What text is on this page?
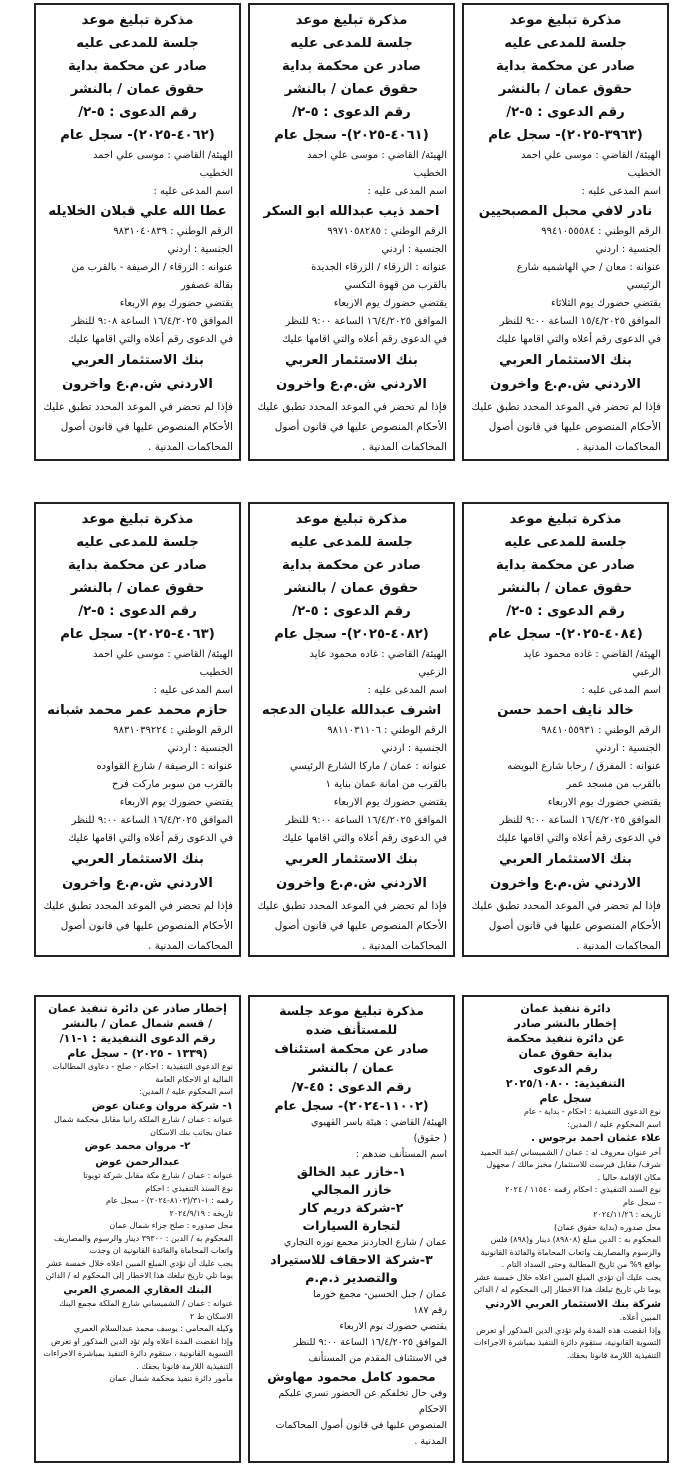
مذكرة تبليغ موعد

جلسة للمدعى عليه

صادر عن محكمة بداية

حقوق عمان / بالنشر

رقم الدعوى : ٥-٢/

(٣٩٦٣-٢٠٢٥)- سجل عام

الهيئة/ القاضي : موسى علي احمد

الخطيب

اسم المدعى عليه :

نادر لافي محبل المصبحيين

الرقم الوطني : ٩٩٤١٠٥٥٥٨٤

الجنسية : اردني

عنوانه : معان / حي الهاشميه شارع

الرئيسي

يقتضي حضورك يوم الثلاثاء

الموافق ١٥/٤/٢٠٢٥ الساعة ٩:٠٠ للنظر

في الدعوى رقم أعلاه والتي اقامها عليك

بنك الاستثمار العربي

الاردني ش.م.ع واخرون

فإذا لم تحضر في الموعد المحدد تطبق عليك

الأحكام المنصوص عليها في قانون أصول

المحاكمات المدنية .

مذكرة تبليغ موعد

جلسة للمدعى عليه

صادر عن محكمة بداية

حقوق عمان / بالنشر

رقم الدعوى : ٥-٢/

(٤٠٦١-٢٠٢٥)- سجل عام

الهيئة/ القاضي : موسى علي احمد

الخطيب

اسم المدعى عليه :

احمد ذيب عبدالله ابو السكر

الرقم الوطني : ٩٩٧١٠٥٨٢٨٥

الجنسية : اردني

عنوانه : الزرقاء / الزرقاء الجديدة

بالقرب من قهوة التكسي

يقتضي حضورك يوم الاربعاء

الموافق ١٦/٤/٢٠٢٥ الساعة ٩:٠٠ للنظر

في الدعوى رقم أعلاه والتي اقامها عليك

بنك الاستثمار العربي

الاردني ش.م.ع واخرون

فإذا لم تحضر في الموعد المحدد تطبق عليك

الأحكام المنصوص عليها في قانون أصول

المحاكمات المدنية .

مذكرة تبليغ موعد

جلسة للمدعى عليه

صادر عن محكمة بداية

حقوق عمان / بالنشر

رقم الدعوى : ٥-٢/

(٤٠٦٢-٢٠٢٥)- سجل عام

الهيئة/ القاضي : موسى علي احمد

الخطيب

اسم المدعى عليه :

عطا الله علي قبلان الخلايله

الرقم الوطني : ٩٨٣١٠٤٠٨٣٩

الجنسية : اردني

عنوانه : الزرقاء / الرصيفة - بالقرب من

بقالة عصفور

يقتضي حضورك يوم الاربعاء

الموافق ١٦/٤/٢٠٢٥ الساعة ٩:٠٨ للنظر

في الدعوى رقم أعلاه والتي اقامها عليك

بنك الاستثمار العربي

الاردني ش.م.ع واخرون

فإذا لم تحضر في الموعد المحدد تطبق عليك

الأحكام المنصوص عليها في قانون أصول

المحاكمات المدنية .

مذكرة تبليغ موعد

جلسة للمدعى عليه

صادر عن محكمة بداية

حقوق عمان / بالنشر

رقم الدعوى : ٥-٢/

(٤٠٨٤-٢٠٢٥)- سجل عام

الهيئة/ القاضي : غاده محمود عايد

الزعبي

اسم المدعى عليه :

خالد نايف احمد حسن

الرقم الوطني : ٩٨٤١٠٥٥٩٣١

الجنسية : اردني

عنوانه : المفرق / رحابا شارع البويضه

بالقرب من مسجد عمر

يقتضي حضورك يوم الاربعاء

الموافق ١٦/٤/٢٠٢٥ الساعة ٩:٠٠ للنظر

في الدعوى رقم أعلاه والتي اقامها عليك

بنك الاستثمار العربي

الاردني ش.م.ع واخرون

فإذا لم تحضر في الموعد المحدد تطبق عليك

الأحكام المنصوص عليها في قانون أصول

المحاكمات المدنية .

مذكرة تبليغ موعد

جلسة للمدعى عليه

صادر عن محكمة بداية

حقوق عمان / بالنشر

رقم الدعوى : ٥-٢/

(٤٠٨٢-٢٠٢٥)- سجل عام

الهيئة/ القاضي : غاده محمود عايد

الزعبي

اسم المدعى عليه :

اشرف عبدالله عليان الدعجه

الرقم الوطني : ٩٨١١٠٣١١٠٦

الجنسية : اردني

عنوانه : عمان / ماركا الشارع الرئيسي

بالقرب من امانة عمان بناية ١

يقتضي حضورك يوم الاربعاء

الموافق ١٦/٤/٢٠٢٥ الساعة ٩:٠٠ للنظر

في الدعوى رقم أعلاه والتي اقامها عليك

بنك الاستثمار العربي

الاردني ش.م.ع واخرون

فإذا لم تحضر في الموعد المحدد تطبق عليك

الأحكام المنصوص عليها في قانون أصول

المحاكمات المدنية .

مذكرة تبليغ موعد

جلسة للمدعى عليه

صادر عن محكمة بداية

حقوق عمان / بالنشر

رقم الدعوى : ٥-٢/

(٤٠٦٣-٢٠٢٥)- سجل عام

الهيئة/ القاضي : موسى علي احمد

الخطيب

اسم المدعى عليه :

حازم محمد عمر محمد شبانه

الرقم الوطني : ٩٨٣١٠٣٩٢٢٤

الجنسية : اردني

عنوانه : الرصيفة / شارع القواوده

بالقرب من سوبر ماركت فرح

يقتضي حضورك يوم الاربعاء

الموافق ١٦/٤/٢٠٢٥ الساعة ٩:٠٠ للنظر

في الدعوى رقم أعلاه والتي اقامها عليك

بنك الاستثمار العربي

الاردني ش.م.ع واخرون

فإذا لم تحضر في الموعد المحدد تطبق عليك

الأحكام المنصوص عليها في قانون أصول

المحاكمات المدنية .

دائرة تنفيذ عمان

إخطار بالنشر صادر

عن دائرة تنفيذ محكمة

بداية حقوق عمان

رقم الدعوى

التنفيذية: ٢٠٢٥/١٠٨٠٠

سجل عام

نوع الدعوى التنفيذية : احكام - بداية - عام

اسم المحكوم عليه / المدين:

علاء عثمان احمد برجوس .

أخر عنوان معروف له : عمان / الشميساني /عبد الحميد شرف/ مقابل فيرست للاستثمار/ مخبز مالك / مجهول مكان الإقامة حاليا .

نوع السند التنفيذي : احكام رقمه ١١٥٤٠ / ٢٠٢٤

- سجل عام

تاريخه : ٢٠٢٤/١١/٢٦

محل صدوره (بداية حقوق عمان)

المحكوم به : الدين مبلغ (٨٩٨٠٨) دينار و(٨٩٨) فلس والرسوم والمصاريف واتعاب المحاماة والفائدة القانونية بواقع ٩% من تاريخ المطالبة وحتى السداد التام .

يجب عليك أن تؤدي المبلغ المبين اعلاه خلال خمسة عشر يوما تلي تاريخ تبلغك هذا الاخطار إلى المحكوم له / الدائن

شركة بنك الاستثمار العربي الاردني

المبين أعلاه.

وإذا انقضت هذه المدة ولم تؤدي الدين المذكور أو تعرض التسوية القانونية، ستقوم دائرة التنفيذ بمباشرة الاجراءات التنفيذية اللازمة قانونا بحقك.

مذكرة تبليغ موعد جلسة

للمستأنف ضده

صادر عن محكمة استئناف

عمان / بالنشر

رقم الدعوى : ٤٥-٧/

(١١٠٠٢-٢٠٢٤)- سجل عام

الهيئة/ القاضي : هيئة ياسر القهيوي

( حقوق)

اسم المستأنف ضدهم :

١-خازر عبد الخالق

خازر المجالي

٢-شركة دريم كار

لتجارة السيارات

عمان / شارع الجاردنز مجمع نوره التجاري

٣-شركة الاحقاف للاستيراد

والتصدير ذ.م.م

عمان / جبل الحسين- مجمع خورما

رقم ١٨٧

يقتضي حضورك يوم الاربعاء

الموافق ١٦/٤/٢٠٢٥ الساعة ٩:٠٠ للنظر

في الاستئناف المقدم من المستأنف

محمود كامل محمود مهاوش

وفي حال تخلفكم عن الحضور تسري عليكم

الاحكام

المنصوص عليها في قانون أصول المحاكمات

المدنية .

إخطار صادر عن دائرة تنفيذ عمان

/ قسم شمال عمان / بالنشر

رقم الدعوى التنفيذية : ١-١١/

(١٣٣٩ - ٢٠٢٥) - سجل عام

نوع الدعوى التنفيذية : احكام - صلح - دعاوى المطالبات المالية او الاحكام العامة

اسم المحكوم عليه / المدين:

١- شركة مروان وعنان عوض

عنوانه : عمان / شارع الملكة رانيا مقابل محكمة شمال عمان بجانب بنك الاسكان

٢- مروان محمد عوض

عبدالرحمن عوض

عنوانه : عمان / شارع مكة مقابل شركة تويوتا

نوع السند التنفيذي : احكام

رقمه : ١-٣١/(٨١٠٣-٢٠٢٤) - سجل عام

تاريخه : ٢٠٢٤/٩/١٩

محل صدوره : صلح جزاء شمال عمان

المحكوم به / الدين : ٣٩٣٠٠ دينار والرسوم والمصاريف واتعاب المحاماة والفائدة القانونية ان وجدت

يجب عليك أن تؤدي المبلغ المبين اعلاه خلال خمسة عشر يوما تلي تاريخ تبلغك هذا الاخطار إلى المحكوم له / الدائن

البنك العقاري المصري العربي

عنوانه : عمان / الشميساني شارع الملكة مجمع البنك الاسكان ط ٢

وكيله المحامي : يوسف محمد عبدالسلام العمري

وإذا انقضت المدة اعلاه ولم تؤد الدين المذكور او تعرض التسوية القانونية ، ستقوم دائرة التنفيذ بمباشرة الاجراءات التنفيذية اللازمة قانونا بحقك .

مأمور دائرة تنفيذ محكمة شمال عمان
